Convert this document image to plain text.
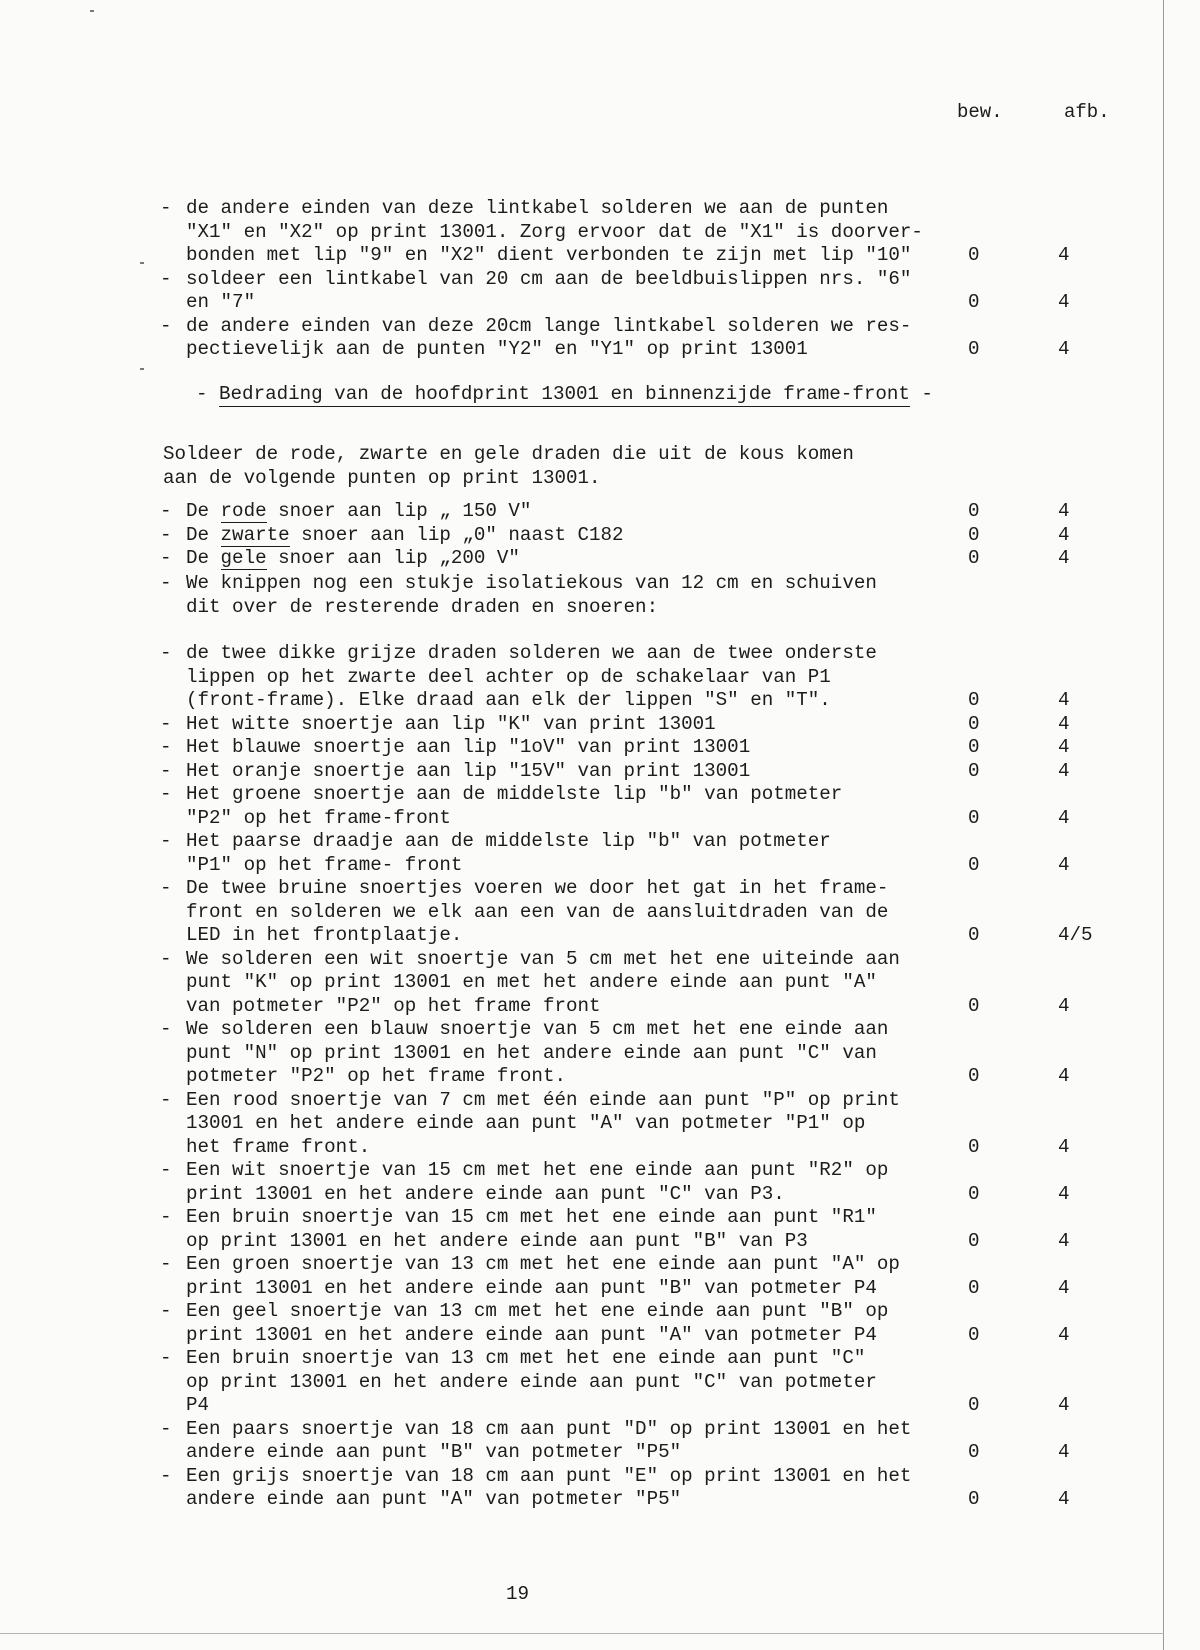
bew.	afb.
- de andere einden van deze lintkabel solderen we aan de punten
"X1" en "X2" op print 13001. Zorg ervoor dat de "X1" is doorver-
bonden met lip "9" en "X2" dient verbonden te zijn met lip "10"	0	4
- soldeer een lintkabel van 20 cm aan de beeldbuislippen nrs. "6"
en "7"	0	4
- de andere einden van deze 20cm lange lintkabel solderen we res-
pectievelijk aan de punten "Y2" en "Y1" op print 13001	0	4
- Bedrading van de hoofdprint 13001 en binnenzijde frame-front -
Soldeer de rode, zwarte en gele draden die uit de kous komen
aan de volgende punten op print 13001.
- De rode snoer aan lip „ 150 V"	0	4
- De zwarte snoer aan lip „0" naast C182	0	4
- De gele snoer aan lip „200 V"	0	4
- We knippen nog een stukje isolatiekous van 12 cm en schuiven
dit over de resterende draden en snoeren:
- de twee dikke grijze draden solderen we aan de twee onderste
lippen op het zwarte deel achter op de schakelaar van P1
(front-frame). Elke draad aan elk der lippen "S" en "T".	0	4
- Het witte snoertje aan lip "K" van print 13001	0	4
- Het blauwe snoertje aan lip "1oV" van print 13001	0	4
- Het oranje snoertje aan lip "15V" van print 13001	0	4
- Het groene snoertje aan de middelste lip "b" van potmeter
"P2" op het frame-front	0	4
- Het paarse draadje aan de middelste lip "b" van potmeter
"P1" op het frame- front	0	4
- De twee bruine snoertjes voeren we door het gat in het frame-
front en solderen we elk aan een van de aansluitdraden van de
LED in het frontplaatje.	0	4/5
- We solderen een wit snoertje van 5 cm met het ene uiteinde aan
punt "K" op print 13001 en met het andere einde aan punt "A"
van potmeter "P2" op het frame front	0	4
- We solderen een blauw snoertje van 5 cm met het ene einde aan
punt "N" op print 13001 en het andere einde aan punt "C" van
potmeter "P2" op het frame front.	0	4
- Een rood snoertje van 7 cm met één einde aan punt "P" op print
13001 en het andere einde aan punt "A" van potmeter "P1" op
het frame front.	0	4
- Een wit snoertje van 15 cm met het ene einde aan punt "R2" op
print 13001 en het andere einde aan punt "C" van P3.	0	4
- Een bruin snoertje van 15 cm met het ene einde aan punt "R1"
op print 13001 en het andere einde aan punt "B" van P3	0	4
- Een groen snoertje van 13 cm met het ene einde aan punt "A" op
print 13001 en het andere einde aan punt "B" van potmeter P4	0	4
- Een geel snoertje van 13 cm met het ene einde aan punt "B" op
print 13001 en het andere einde aan punt "A" van potmeter P4	0	4
- Een bruin snoertje van 13 cm met het ene einde aan punt "C"
op print 13001 en het andere einde aan punt "C" van potmeter
P4	0	4
- Een paars snoertje van 18 cm aan punt "D" op print 13001 en het
andere einde aan punt "B" van potmeter "P5"	0	4
- Een grijs snoertje van 18 cm aan punt "E" op print 13001 en het
andere einde aan punt "A" van potmeter "P5"	0	4
19
